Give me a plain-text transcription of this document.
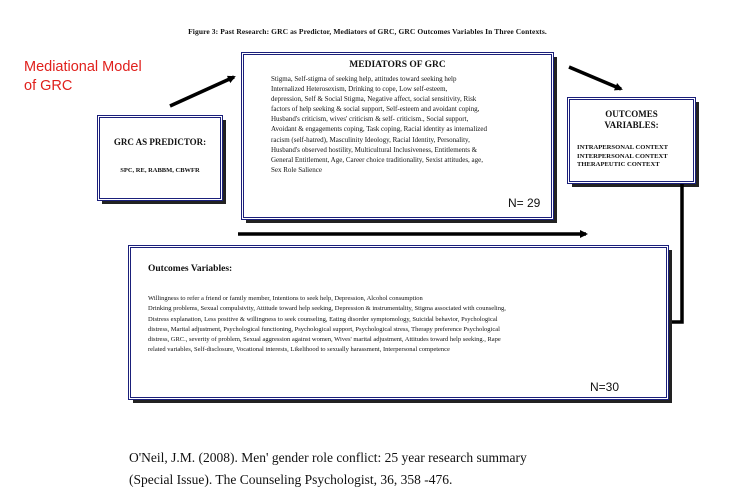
Figure 3: Past Research: GRC as Predictor, Mediators of GRC, GRC Outcomes Variables In Three Contexts.
Mediational Model
of GRC
GRC AS PREDICTOR:
SPC, RE, RABBM, CBWFR
MEDIATORS OF GRC
Stigma, Self-stigma of seeking help, attitudes toward seeking help
Internalized Heterosexism, Drinking to cope, Low self-esteem,
depression, Self & Social Stigma, Negative affect, social sensitivity, Risk
factors of help seeking & social support, Self-esteem and avoidant coping,
Husband's criticism, wives' criticism & self- criticism., Social support,
Avoidant & engagements coping, Task coping, Racial identity as internalized
racism (self-hatred), Masculinity Ideology, Racial Identity, Personality,
Husband's observed hostility, Multicultural Inclusiveness, Entitlements &
General Entitlement, Age, Career choice traditionality, Sexist attitudes, age,
Sex Role Salience
N= 29
OUTCOMES
VARIABLES:
INTRAPERSONAL CONTEXT
INTERPERSONAL CONTEXT
THERAPEUTIC CONTEXT
Outcomes Variables:
Willingness to refer a friend or family member, Intentions to seek help, Depression, Alcohol consumption
Drinking problems, Sexual compulsivity, Attitude toward help seeking, Depression & instrumentality, Stigma associated with counseling,
Distress explanation, Less positive & willingness to seek counseling, Eating disorder symptomology, Suicidal behavior, Psychological
distress, Marital adjustment, Psychological functioning, Psychological support, Psychological stress, Therapy preference Psychological
distress, GRC., severity of problem, Sexual aggression against women, Wives' marital adjustment, Attitudes toward help seeking., Rape
related variables, Self-disclosure, Vocational interests, Likelihood to sexually harassment, Interpersonal competence
N=30
O'Neil, J.M. (2008). Men' gender role conflict: 25 year research summary
(Special Issue). The Counseling Psychologist, 36, 358 -476.
